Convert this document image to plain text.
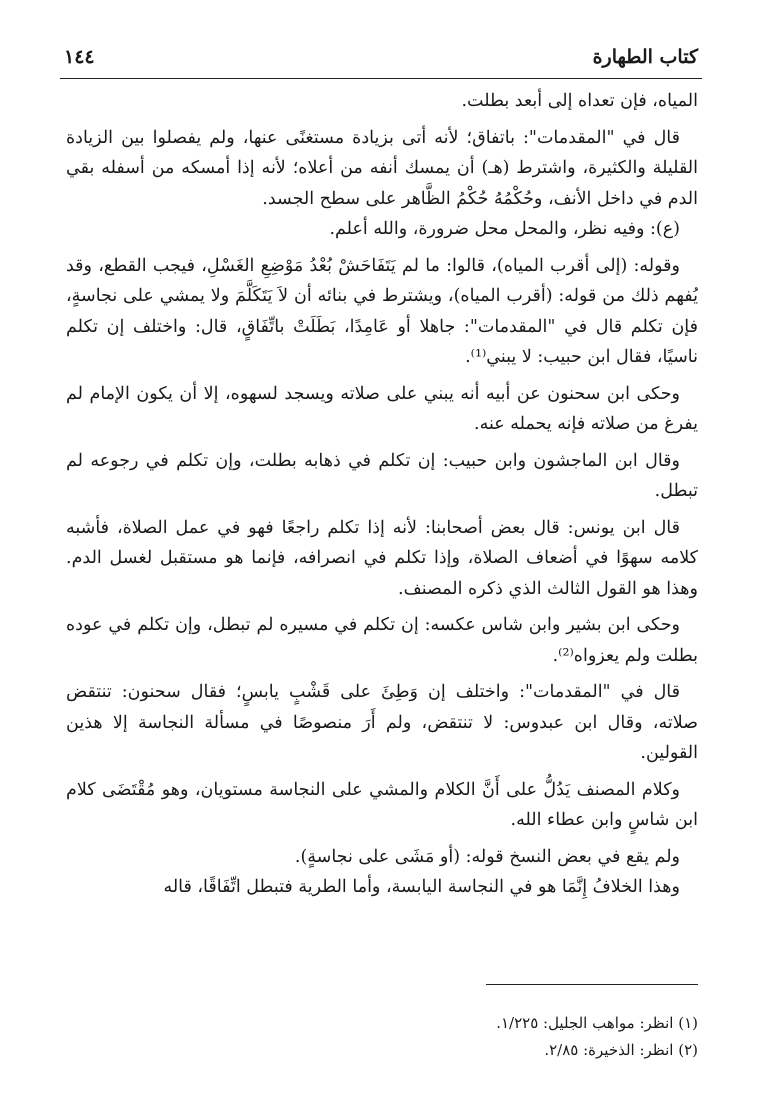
١٤٤	كتاب الطهارة

المياه، فإن تعداه إلى أبعد بطلت.

قال في "المقدمات": باتفاق؛ لأنه أتى بزيادة مستغنًى عنها، ولم يفصلوا بين الزيادة القليلة والكثيرة، واشترط (هـ) أن يمسك أنفه من أعلاه؛ لأنه إذا أمسكه من أسفله بقي الدم في داخل الأنف، وحُكْمُهُ حُكْمُ الظَّاهر على سطح الجسد.

(ع): وفيه نظر، والمحل محل ضرورة، والله أعلم.

وقوله: (إلى أقرب المياه)، قالوا: ما لم يَتَفَاحَشْ بُعْدُ مَوْضِعِ الغَسْلِ، فيجب القطع، وقد يُفهم ذلك من قوله: (أقرب المياه)، ويشترط في بنائه أن لاَ يَتَكَلَّمَ ولا يمشي على نجاسةٍ، فإن تكلم قال في "المقدمات": جاهلا أو عَامِدًا، بَطَلَتْ باتِّفَاقٍ، قال: واختلف إن تكلم ناسيًا، فقال ابن حبيب: لا يبني⁽¹⁾.

وحكى ابن سحنون عن أبيه أنه يبني على صلاته ويسجد لسهوه، إلا أن يكون الإمام لم يفرغ من صلاته فإنه يحمله عنه.

وقال ابن الماجشون وابن حبيب: إن تكلم في ذهابه بطلت، وإن تكلم في رجوعه لم تبطل.

قال ابن يونس: قال بعض أصحابنا: لأنه إذا تكلم راجعًا فهو في عمل الصلاة، فأشبه كلامه سهوًا في أضعاف الصلاة، وإذا تكلم في انصرافه، فإنما هو مستقبل لغسل الدم. وهذا هو القول الثالث الذي ذكره المصنف.

وحكى ابن بشير وابن شاس عكسه: إن تكلم في مسيره لم تبطل، وإن تكلم في عوده بطلت ولم يعزواه⁽²⁾.

قال في "المقدمات": واختلف إن وَطِئَ على قَشْبٍ يابسٍ؛ فقال سحنون: تنتقض صلاته، وقال ابن عبدوس: لا تنتقض، ولم أَرَ منصوصًا في مسألة النجاسة إلا هذين القولين.

وكلام المصنف يَدُلُّ على أَنَّ الكلام والمشي على النجاسة مستويان، وهو مُقْتَضَى كلام ابن شاسٍ وابن عطاء الله.

ولم يقع في بعض النسخ قوله: (أو مَشَى على نجاسةٍ).

وهذا الخلافُ إِنَّمَا هو في النجاسة اليابسة، وأما الطرية فتبطل اتِّفَاقًا، قاله

(١) انظر: مواهب الجليل: ١/٢٢٥.
(٢) انظر: الذخيرة: ٢/٨٥.
